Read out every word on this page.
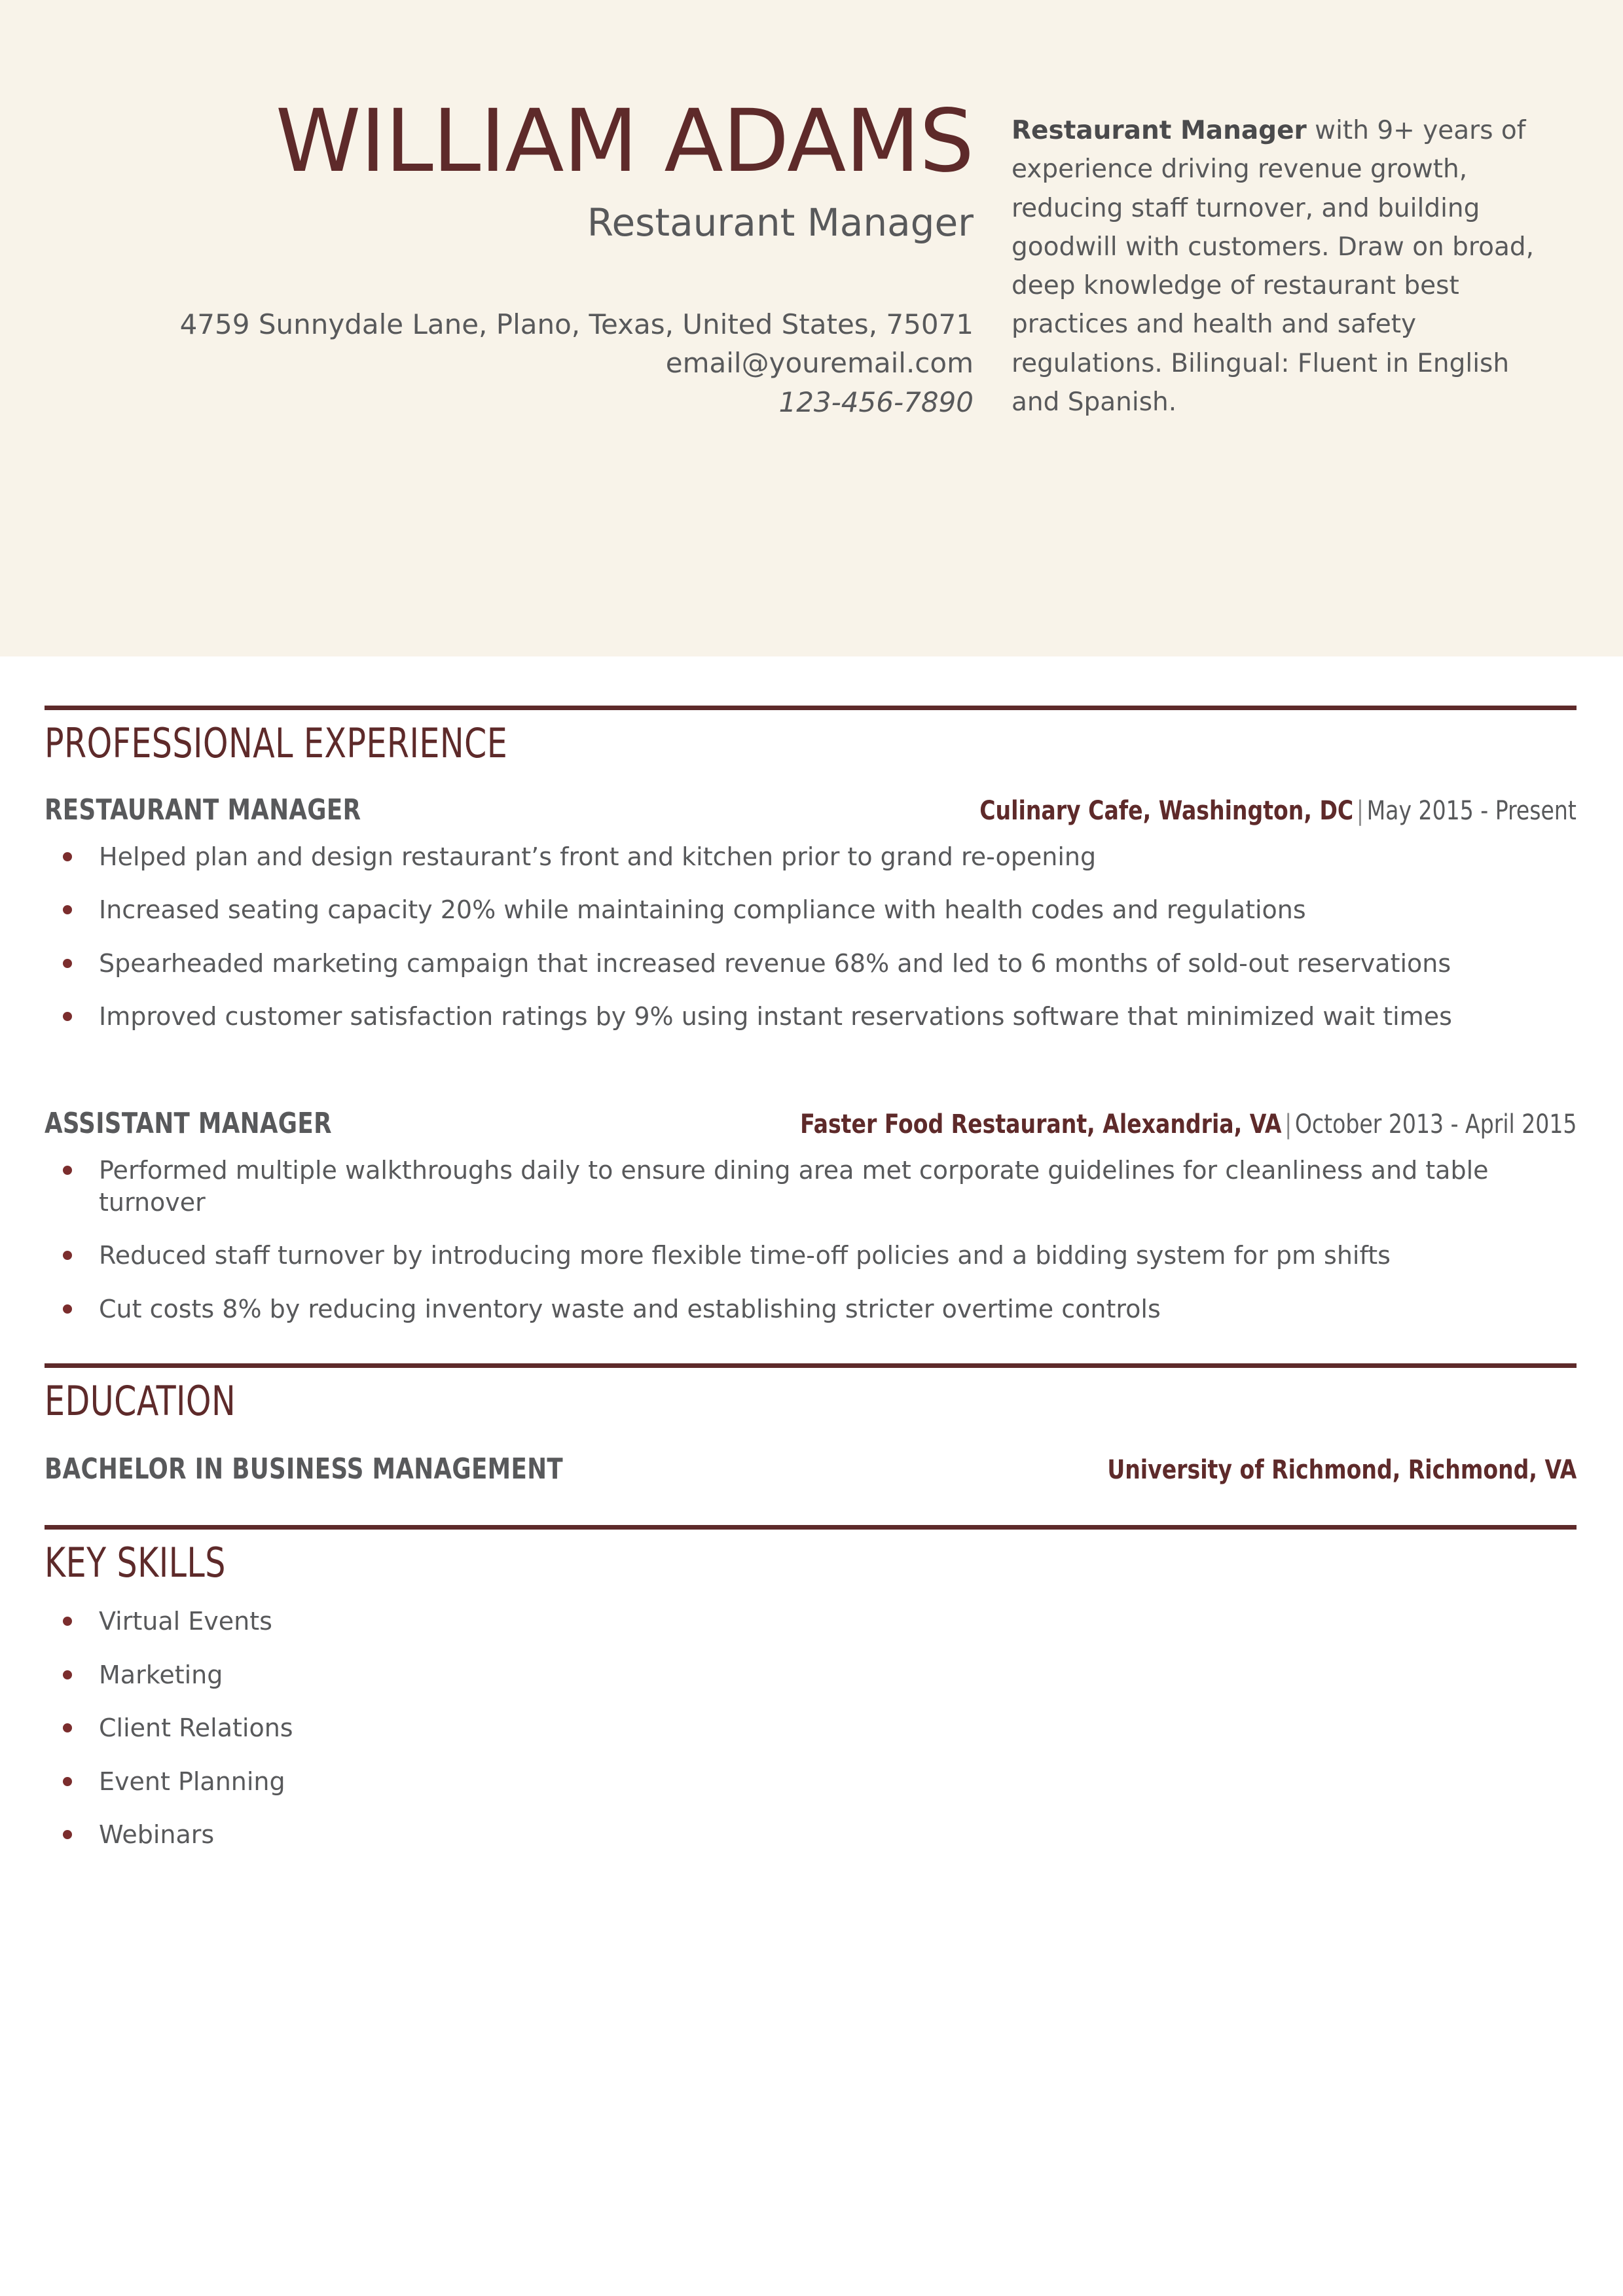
WILLIAM ADAMS
Restaurant Manager
4759 Sunnydale Lane, Plano, Texas, United States, 75071
email@youremail.com
123-456-7890

Restaurant Manager with 9+ years of experience driving revenue growth, reducing staff turnover, and building goodwill with customers. Draw on broad, deep knowledge of restaurant best practices and health and safety regulations. Bilingual: Fluent in English and Spanish.

PROFESSIONAL EXPERIENCE
RESTAURANT MANAGER	Culinary Cafe, Washington, DC | May 2015 - Present
Helped plan and design restaurant’s front and kitchen prior to grand re-opening
Increased seating capacity 20% while maintaining compliance with health codes and regulations
Spearheaded marketing campaign that increased revenue 68% and led to 6 months of sold-out reservations
Improved customer satisfaction ratings by 9% using instant reservations software that minimized wait times
ASSISTANT MANAGER	Faster Food Restaurant, Alexandria, VA | October 2013 - April 2015
Performed multiple walkthroughs daily to ensure dining area met corporate guidelines for cleanliness and table turnover
Reduced staff turnover by introducing more flexible time-off policies and a bidding system for pm shifts
Cut costs 8% by reducing inventory waste and establishing stricter overtime controls
EDUCATION
BACHELOR IN BUSINESS MANAGEMENT	University of Richmond, Richmond, VA
KEY SKILLS
Virtual Events
Marketing
Client Relations
Event Planning
Webinars
